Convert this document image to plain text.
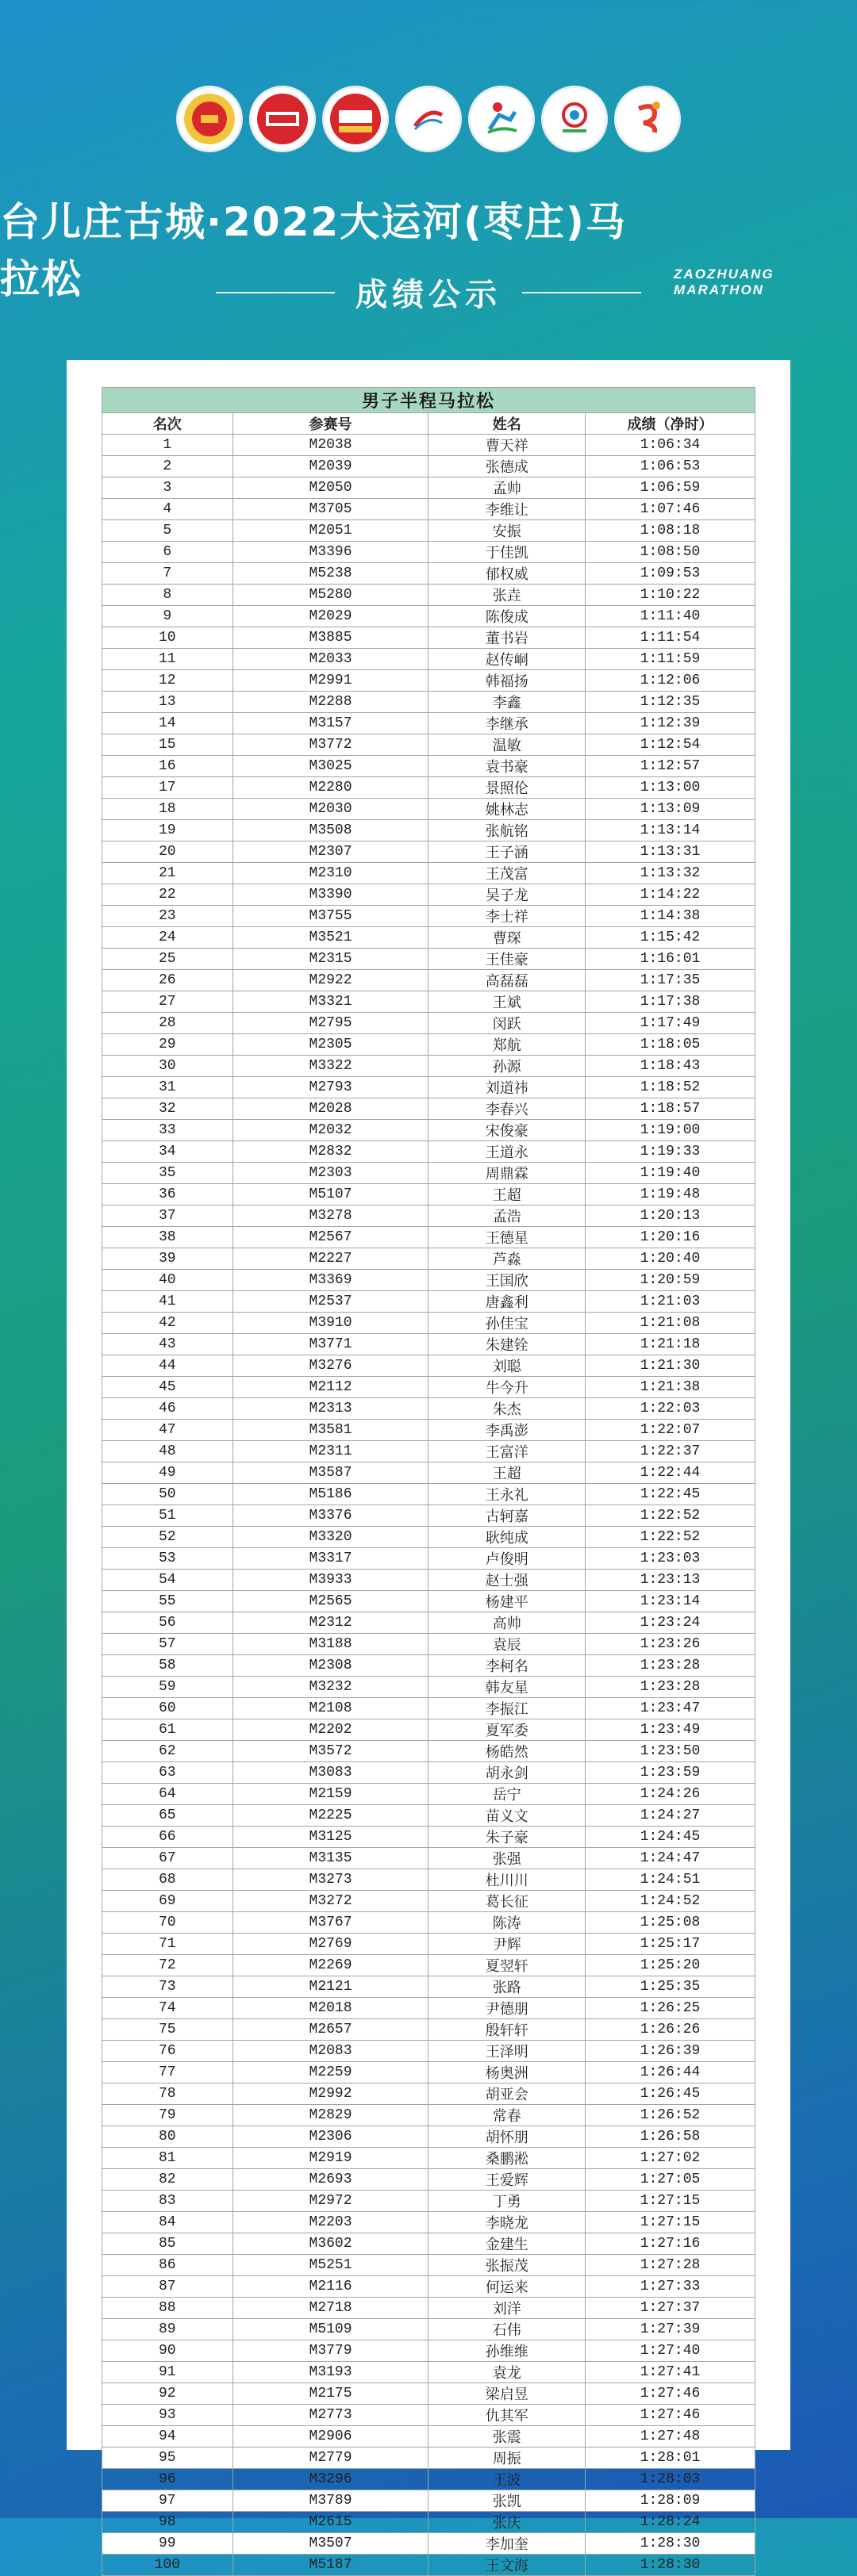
台儿庄古城·2022大运河(枣庄)马拉松	ZAOZHUANG MARATHON
成绩公示
男子半程马拉松			
名次	参赛号	姓名	成绩（净时）
1	M2038	曹天祥	1:06:34
2	M2039	张德成	1:06:53
3	M2050	孟帅	1:06:59
4	M3705	李维让	1:07:46
5	M2051	安振	1:08:18
6	M3396	于佳凯	1:08:50
7	M5238	郁权威	1:09:53
8	M5280	张垚	1:10:22
9	M2029	陈俊成	1:11:40
10	M3885	董书岩	1:11:54
11	M2033	赵传峒	1:11:59
12	M2991	韩福扬	1:12:06
13	M2288	李鑫	1:12:35
14	M3157	李继承	1:12:39
15	M3772	温敏	1:12:54
16	M3025	袁书豪	1:12:57
17	M2280	景照伦	1:13:00
18	M2030	姚林志	1:13:09
19	M3508	张航铭	1:13:14
20	M2307	王子涵	1:13:31
21	M2310	王茂富	1:13:32
22	M3390	吴子龙	1:14:22
23	M3755	李士祥	1:14:38
24	M3521	曹琛	1:15:42
25	M2315	王佳豪	1:16:01
26	M2922	高磊磊	1:17:35
27	M3321	王斌	1:17:38
28	M2795	闵跃	1:17:49
29	M2305	郑航	1:18:05
30	M3322	孙源	1:18:43
31	M2793	刘道祎	1:18:52
32	M2028	李春兴	1:18:57
33	M2032	宋俊豪	1:19:00
34	M2832	王道永	1:19:33
35	M2303	周鼎霖	1:19:40
36	M5107	王超	1:19:48
37	M3278	孟浩	1:20:13
38	M2567	王德星	1:20:16
39	M2227	芦淼	1:20:40
40	M3369	王国欣	1:20:59
41	M2537	唐鑫利	1:21:03
42	M3910	孙佳宝	1:21:08
43	M3771	朱建铨	1:21:18
44	M3276	刘聪	1:21:30
45	M2112	牛今升	1:21:38
46	M2313	朱杰	1:22:03
47	M3581	李禹澎	1:22:07
48	M2311	王富洋	1:22:37
49	M3587	王超	1:22:44
50	M5186	王永礼	1:22:45
51	M3376	古轲嘉	1:22:52
52	M3320	耿纯成	1:22:52
53	M3317	卢俊明	1:23:03
54	M3933	赵士强	1:23:13
55	M2565	杨建平	1:23:14
56	M2312	高帅	1:23:24
57	M3188	袁辰	1:23:26
58	M2308	李柯名	1:23:28
59	M3232	韩友星	1:23:28
60	M2108	李振江	1:23:47
61	M2202	夏军委	1:23:49
62	M3572	杨皓然	1:23:50
63	M3083	胡永剑	1:23:59
64	M2159	岳宁	1:24:26
65	M2225	苗义文	1:24:27
66	M3125	朱子豪	1:24:45
67	M3135	张强	1:24:47
68	M3273	杜川川	1:24:51
69	M3272	葛长征	1:24:52
70	M3767	陈涛	1:25:08
71	M2769	尹辉	1:25:17
72	M2269	夏翌轩	1:25:20
73	M2121	张路	1:25:35
74	M2018	尹德朋	1:26:25
75	M2657	殷轩轩	1:26:26
76	M2083	王泽明	1:26:39
77	M2259	杨奥洲	1:26:44
78	M2992	胡亚会	1:26:45
79	M2829	常春	1:26:52
80	M2306	胡怀朋	1:26:58
81	M2919	桑鹏淞	1:27:02
82	M2693	王爱辉	1:27:05
83	M2972	丁勇	1:27:15
84	M2203	李晓龙	1:27:15
85	M3602	金建生	1:27:16
86	M5251	张振茂	1:27:28
87	M2116	何运来	1:27:33
88	M2718	刘洋	1:27:37
89	M5109	石伟	1:27:39
90	M3779	孙维维	1:27:40
91	M3193	袁龙	1:27:41
92	M2175	梁启昱	1:27:46
93	M2773	仇其军	1:27:46
94	M2906	张震	1:27:48
95	M2779	周振	1:28:01
96	M3296	王波	1:28:03
97	M3789	张凯	1:28:09
98	M2615	张庆	1:28:24
99	M3507	李加奎	1:28:30
100	M5187	王文海	1:28:30
